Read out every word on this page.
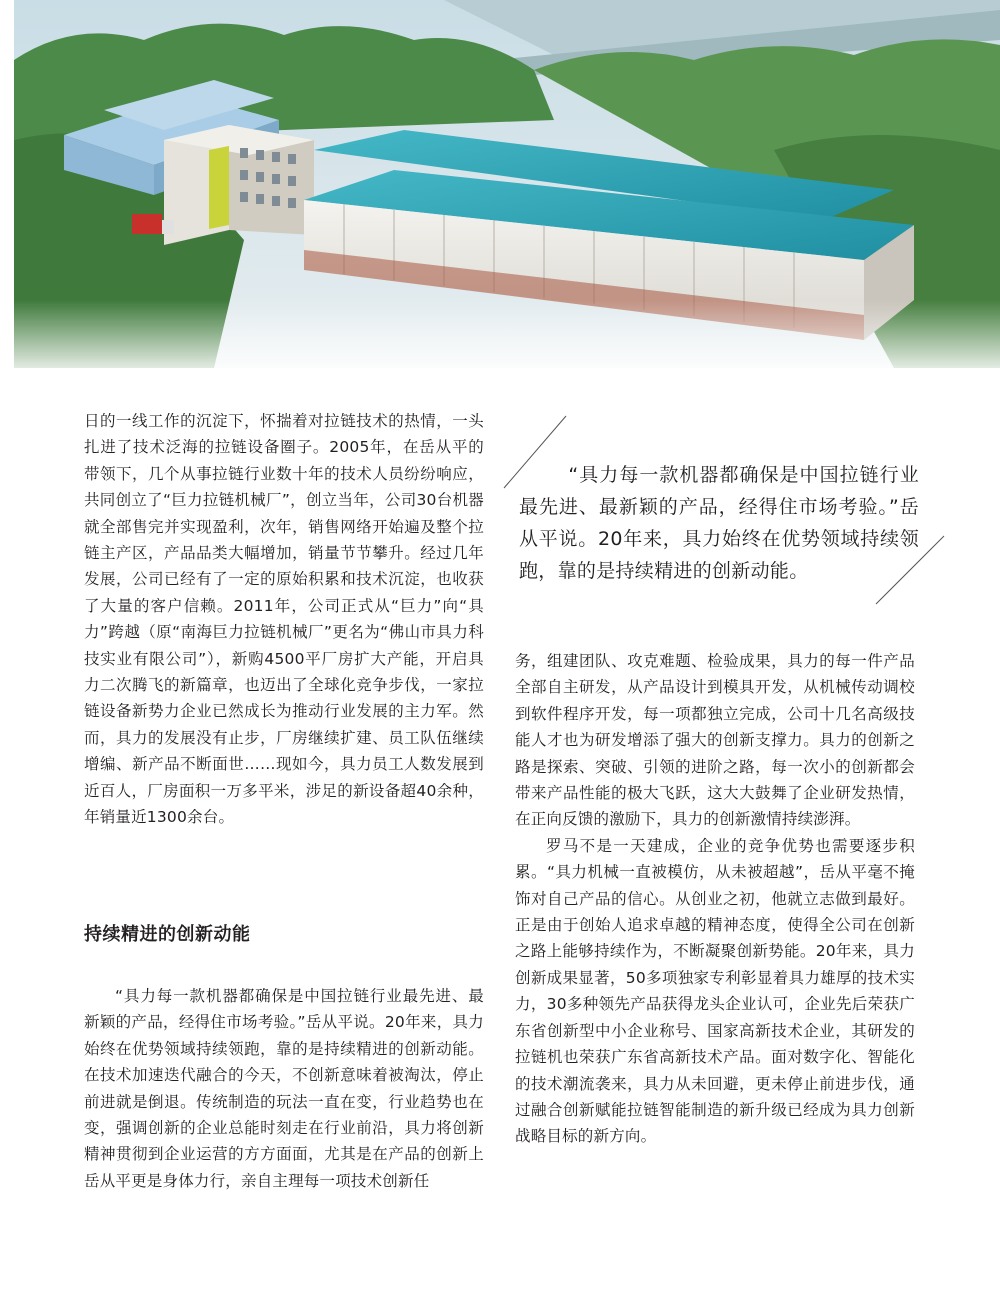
日的一线工作的沉淀下，怀揣着对拉链技术的热情，一头扎进了技术泛海的拉链设备圈子。2005年，在岳从平的带领下，几个从事拉链行业数十年的技术人员纷纷响应，共同创立了“巨力拉链机械厂”，创立当年，公司30台机器就全部售完并实现盈利，次年，销售网络开始遍及整个拉链主产区，产品品类大幅增加，销量节节攀升。经过几年发展，公司已经有了一定的原始积累和技术沉淀，也收获了大量的客户信赖。2011年，公司正式从“巨力”向“具力”跨越（原“南海巨力拉链机械厂”更名为“佛山市具力科技实业有限公司”），新购4500平厂房扩大产能，开启具力二次腾飞的新篇章，也迈出了全球化竞争步伐，一家拉链设备新势力企业已然成长为推动行业发展的主力军。然而，具力的发展没有止步，厂房继续扩建、员工队伍继续增编、新产品不断面世……现如今，具力员工人数发展到近百人，厂房面积一万多平米，涉足的新设备超40余种，年销量近1300余台。

持续精进的创新动能

“具力每一款机器都确保是中国拉链行业最先进、最新颖的产品，经得住市场考验。”岳从平说。20年来，具力始终在优势领域持续领跑，靠的是持续精进的创新动能。在技术加速迭代融合的今天，不创新意味着被淘汰，停止前进就是倒退。传统制造的玩法一直在变，行业趋势也在变，强调创新的企业总能时刻走在行业前沿，具力将创新精神贯彻到企业运营的方方面面，尤其是在产品的创新上岳从平更是身体力行，亲自主理每一项技术创新任

“具力每一款机器都确保是中国拉链行业最先进、最新颖的产品，经得住市场考验。”岳从平说。20年来，具力始终在优势领域持续领跑，靠的是持续精进的创新动能。

务，组建团队、攻克难题、检验成果，具力的每一件产品全部自主研发，从产品设计到模具开发，从机械传动调校到软件程序开发，每一项都独立完成，公司十几名高级技能人才也为研发增添了强大的创新支撑力。具力的创新之路是探索、突破、引领的进阶之路，每一次小的创新都会带来产品性能的极大飞跃，这大大鼓舞了企业研发热情，在正向反馈的激励下，具力的创新激情持续澎湃。

罗马不是一天建成，企业的竞争优势也需要逐步积累。“具力机械一直被模仿，从未被超越”，岳从平毫不掩饰对自己产品的信心。从创业之初，他就立志做到最好。正是由于创始人追求卓越的精神态度，使得全公司在创新之路上能够持续作为，不断凝聚创新势能。20年来，具力创新成果显著，50多项独家专利彰显着具力雄厚的技术实力，30多种领先产品获得龙头企业认可，企业先后荣获广东省创新型中小企业称号、国家高新技术企业，其研发的拉链机也荣获广东省高新技术产品。面对数字化、智能化的技术潮流袭来，具力从未回避，更未停止前进步伐，通过融合创新赋能拉链智能制造的新升级已经成为具力创新战略目标的新方向。
